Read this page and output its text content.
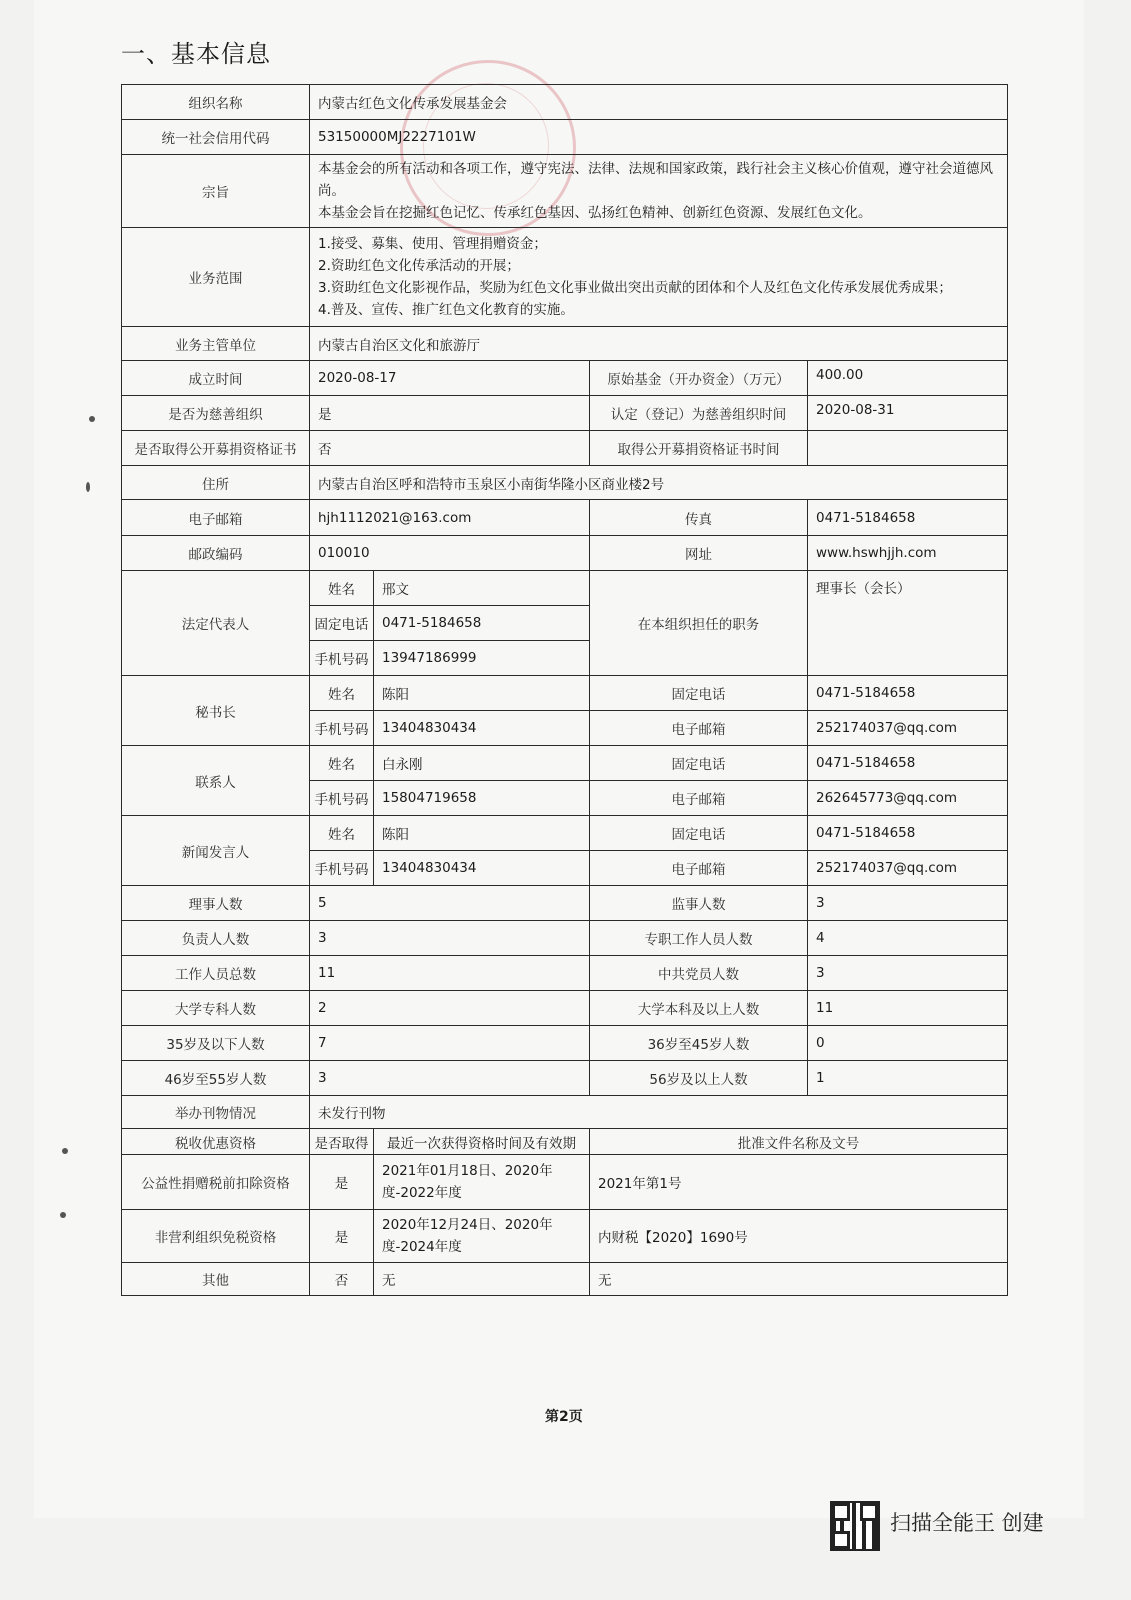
一、基本信息
组织名称	内蒙古红色文化传承发展基金会			
统一社会信用代码	53150000MJ2227101W			
宗旨	本基金会的所有活动和各项工作，遵守宪法、法律、法规和国家政策，践行社会主义核心价值观，遵守社会道德风尚。
本基金会旨在挖掘红色记忆、传承红色基因、弘扬红色精神、创新红色资源、发展红色文化。			

业务范围	1.接受、募集、使用、管理捐赠资金；
2.资助红色文化传承活动的开展；
3.资助红色文化影视作品，奖励为红色文化事业做出突出贡献的团体和个人及红色文化传承发展优秀成果；
4.普及、宣传、推广红色文化教育的实施。			

业务主管单位	内蒙古自治区文化和旅游厅			
成立时间	2020-08-17		原始基金（开办资金）（万元）	400.00
是否为慈善组织	是		认定（登记）为慈善组织时间	2020-08-31
是否取得公开募捐资格证书	否		取得公开募捐资格证书时间	
住所	内蒙古自治区呼和浩特市玉泉区小南街华隆小区商业楼2号			
电子邮箱	hjh1112021@163.com		传真	0471-5184658
邮政编码	010010		网址	www.hswhjjh.com
法定代表人	姓名	邢文	在本组织担任的职务	理事长（会长）
	固定电话	0471-5184658		
	手机号码	13947186999		
秘书长	姓名	陈阳	固定电话	0471-5184658
	手机号码	13404830434	电子邮箱	252174037@qq.com
联系人	姓名	白永刚	固定电话	0471-5184658
	手机号码	15804719658	电子邮箱	262645773@qq.com
新闻发言人	姓名	陈阳	固定电话	0471-5184658
	手机号码	13404830434	电子邮箱	252174037@qq.com
理事人数	5		监事人数	3
负责人人数	3		专职工作人员人数	4
工作人员总数	11		中共党员人数	3
大学专科人数	2		大学本科及以上人数	11
35岁及以下人数	7		36岁至45岁人数	0
46岁至55岁人数	3		56岁及以上人数	1
举办刊物情况	未发行刊物			
税收优惠资格	是否取得	最近一次获得资格时间及有效期	批准文件名称及文号	
公益性捐赠税前扣除资格	是	2021年01月18日、2020年度-2022年度	2021年第1号	
非营利组织免税资格	是	2020年12月24日、2020年度-2024年度	内财税【2020】1690号	
其他	否	无	无	
第2页
扫描全能王 创建
